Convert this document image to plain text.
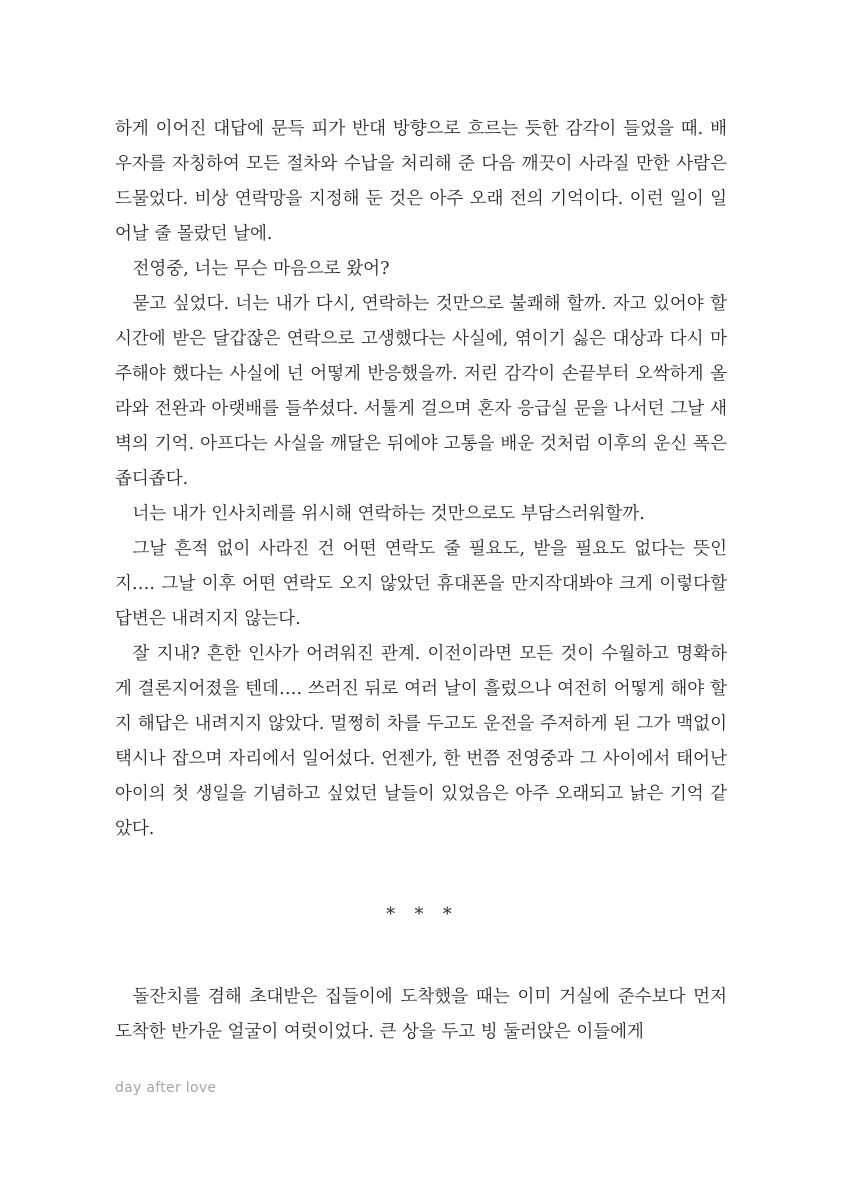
하게 이어진 대답에 문득 피가 반대 방향으로 흐르는 듯한 감각이 들었을 때. 배우자를 자칭하여 모든 절차와 수납을 처리해 준 다음 깨끗이 사라질 만한 사람은 드물었다. 비상 연락망을 지정해 둔 것은 아주 오래 전의 기억이다. 이런 일이 일어날 줄 몰랐던 날에.

전영중, 너는 무슨 마음으로 왔어?

묻고 싶었다. 너는 내가 다시, 연락하는 것만으로 불쾌해 할까. 자고 있어야 할 시간에 받은 달갑잖은 연락으로 고생했다는 사실에, 엮이기 싫은 대상과 다시 마주해야 했다는 사실에 넌 어떻게 반응했을까. 저린 감각이 손끝부터 오싹하게 올라와 전완과 아랫배를 들쑤셨다. 서툴게 걸으며 혼자 응급실 문을 나서던 그날 새벽의 기억. 아프다는 사실을 깨달은 뒤에야 고통을 배운 것처럼 이후의 운신 폭은 좁디좁다.

너는 내가 인사치레를 위시해 연락하는 것만으로도 부담스러워할까.

그날 흔적 없이 사라진 건 어떤 연락도 줄 필요도, 받을 필요도 없다는 뜻인지…. 그날 이후 어떤 연락도 오지 않았던 휴대폰을 만지작대봐야 크게 이렇다할 답변은 내려지지 않는다.

잘 지내? 흔한 인사가 어려워진 관계. 이전이라면 모든 것이 수월하고 명확하게 결론지어졌을 텐데…. 쓰러진 뒤로 여러 날이 흘렀으나 여전히 어떻게 해야 할지 해답은 내려지지 않았다. 멀쩡히 차를 두고도 운전을 주저하게 된 그가 맥없이 택시나 잡으며 자리에서 일어섰다. 언젠가, 한 번쯤 전영중과 그 사이에서 태어난 아이의 첫 생일을 기념하고 싶었던 날들이 있었음은 아주 오래되고 낡은 기억 같았다.

* * *

돌잔치를 겸해 초대받은 집들이에 도착했을 때는 이미 거실에 준수보다 먼저 도착한 반가운 얼굴이 여럿이었다. 큰 상을 두고 빙 둘러앉은 이들에게

day after love
